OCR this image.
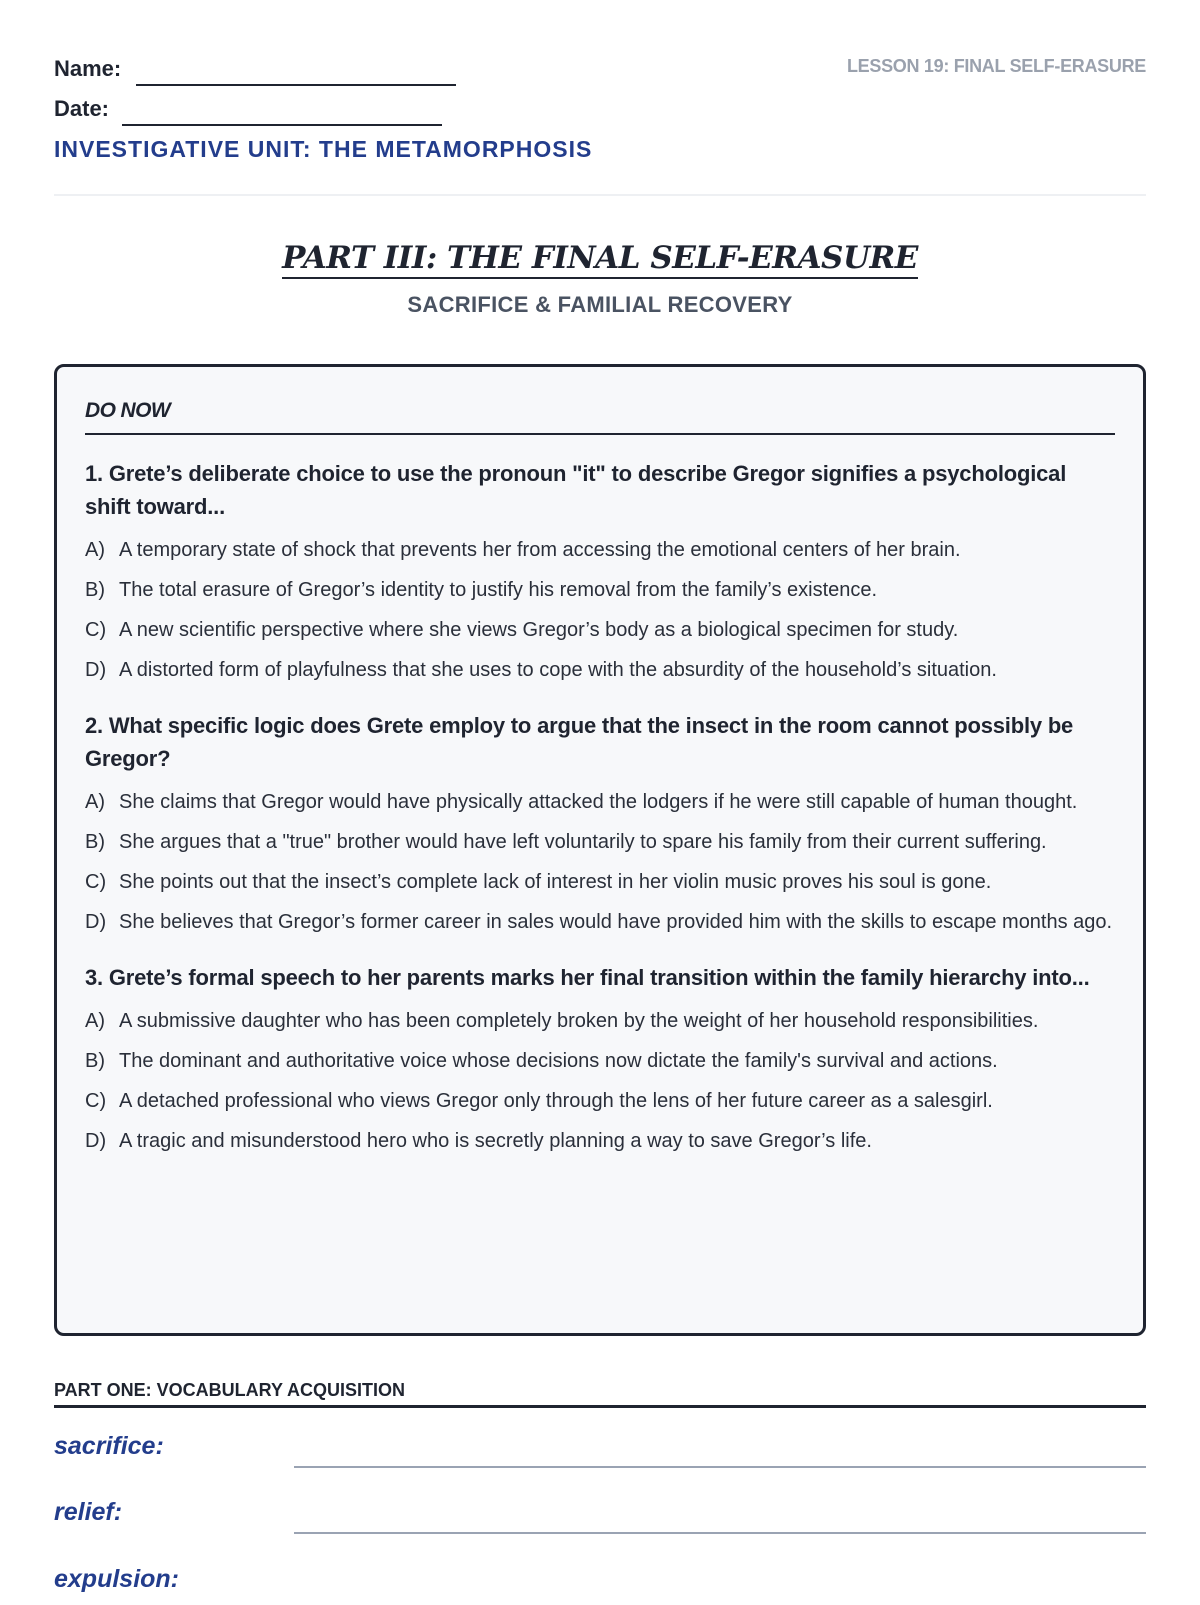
Name:
Date:
INVESTIGATIVE UNIT: THE METAMORPHOSIS
LESSON 19: FINAL SELF-ERASURE
PART III: THE FINAL SELF-ERASURE
SACRIFICE & FAMILIAL RECOVERY
DO NOW
1. Grete’s deliberate choice to use the pronoun "it" to describe Gregor signifies a psychological shift toward...
A) A temporary state of shock that prevents her from accessing the emotional centers of her brain.
B) The total erasure of Gregor’s identity to justify his removal from the family’s existence.
C) A new scientific perspective where she views Gregor’s body as a biological specimen for study.
D) A distorted form of playfulness that she uses to cope with the absurdity of the household’s situation.
2. What specific logic does Grete employ to argue that the insect in the room cannot possibly be Gregor?
A) She claims that Gregor would have physically attacked the lodgers if he were still capable of human thought.
B) She argues that a "true" brother would have left voluntarily to spare his family from their current suffering.
C) She points out that the insect’s complete lack of interest in her violin music proves his soul is gone.
D) She believes that Gregor’s former career in sales would have provided him with the skills to escape months ago.
3. Grete’s formal speech to her parents marks her final transition within the family hierarchy into...
A) A submissive daughter who has been completely broken by the weight of her household responsibilities.
B) The dominant and authoritative voice whose decisions now dictate the family's survival and actions.
C) A detached professional who views Gregor only through the lens of her future career as a salesgirl.
D) A tragic and misunderstood hero who is secretly planning a way to save Gregor’s life.
PART ONE: VOCABULARY ACQUISITION
sacrifice:
relief:
expulsion:
